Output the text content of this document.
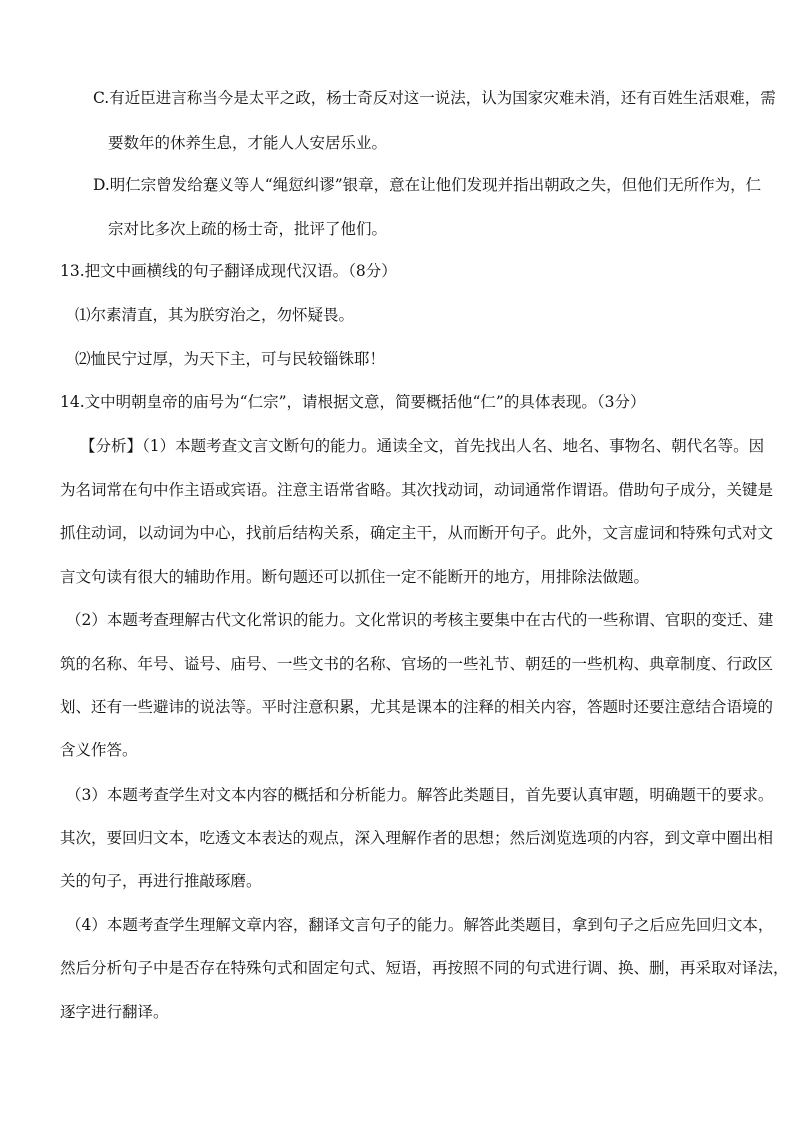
C.有近臣进言称当今是太平之政，杨士奇反对这一说法，认为国家灾难未消，还有百姓生活艰难，需

要数年的休养生息，才能人人安居乐业。

D.明仁宗曾发给蹇义等人“绳愆纠谬”银章，意在让他们发现并指出朝政之失，但他们无所作为，仁

宗对比多次上疏的杨士奇，批评了他们。

13.把文中画横线的句子翻译成现代汉语。（8分）

⑴尔素清直，其为朕穷治之，勿怀疑畏。

⑵恤民宁过厚，为天下主，可与民较锱铢耶！

14.文中明朝皇帝的庙号为“仁宗”，请根据文意，简要概括他“仁”的具体表现。（3分）

【分析】（1）本题考查文言文断句的能力。通读全文，首先找出人名、地名、事物名、朝代名等。因

为名词常在句中作主语或宾语。注意主语常省略。其次找动词，动词通常作谓语。借助句子成分，关键是

抓住动词，以动词为中心，找前后结构关系，确定主干，从而断开句子。此外，文言虚词和特殊句式对文

言文句读有很大的辅助作用。断句题还可以抓住一定不能断开的地方，用排除法做题。

（2）本题考查理解古代文化常识的能力。文化常识的考核主要集中在古代的一些称谓、官职的变迁、建

筑的名称、年号、谥号、庙号、一些文书的名称、官场的一些礼节、朝廷的一些机构、典章制度、行政区

划、还有一些避讳的说法等。平时注意积累，尤其是课本的注释的相关内容，答题时还要注意结合语境的

含义作答。

（3）本题考查学生对文本内容的概括和分析能力。解答此类题目，首先要认真审题，明确题干的要求。

其次，要回归文本，吃透文本表达的观点，深入理解作者的思想；然后浏览选项的内容，到文章中圈出相

关的句子，再进行推敲琢磨。

（4）本题考查学生理解文章内容，翻译文言句子的能力。解答此类题目，拿到句子之后应先回归文本，

然后分析句子中是否存在特殊句式和固定句式、短语，再按照不同的句式进行调、换、删，再采取对译法，

逐字进行翻译。
